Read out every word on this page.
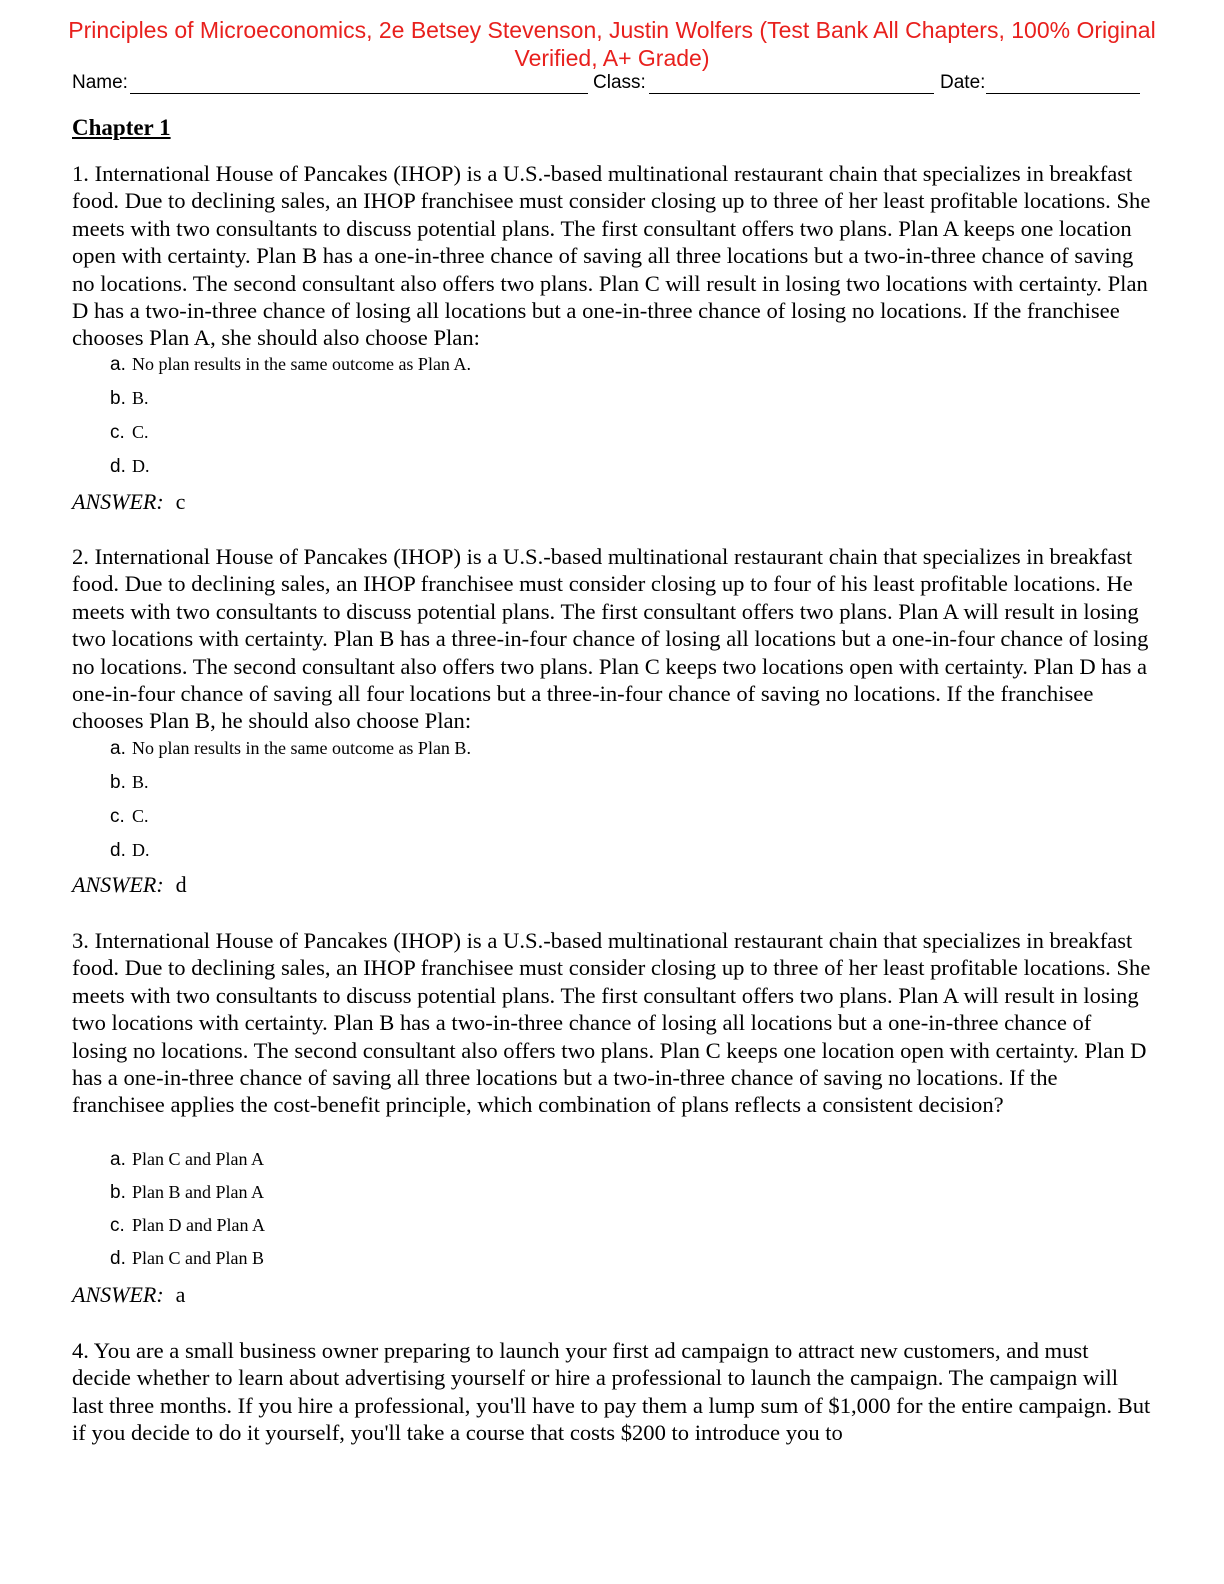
Principles of Microeconomics, 2e Betsey Stevenson, Justin Wolfers (Test Bank All Chapters, 100% Original Verified, A+ Grade)
Name:	Class:	Date:
Chapter 1

1. International House of Pancakes (IHOP) is a U.S.-based multinational restaurant chain that specializes in breakfast food. Due to declining sales, an IHOP franchisee must consider closing up to three of her least profitable locations. She meets with two consultants to discuss potential plans. The first consultant offers two plans. Plan A keeps one location open with certainty. Plan B has a one-in-three chance of saving all three locations but a two-in-three chance of saving no locations. The second consultant also offers two plans. Plan C will result in losing two locations with certainty. Plan D has a two-in-three chance of losing all locations but a one-in-three chance of losing no locations. If the franchisee chooses Plan A, she should also choose Plan:

a. No plan results in the same outcome as Plan A.
b. B.
c. C.
d. D.
ANSWER: c

2. International House of Pancakes (IHOP) is a U.S.-based multinational restaurant chain that specializes in breakfast food. Due to declining sales, an IHOP franchisee must consider closing up to four of his least profitable locations. He meets with two consultants to discuss potential plans. The first consultant offers two plans. Plan A will result in losing two locations with certainty. Plan B has a three-in-four chance of losing all locations but a one-in-four chance of losing no locations. The second consultant also offers two plans. Plan C keeps two locations open with certainty. Plan D has a one-in-four chance of saving all four locations but a three-in-four chance of saving no locations. If the franchisee chooses Plan B, he should also choose Plan:

a. No plan results in the same outcome as Plan B.
b. B.
c. C.
d. D.
ANSWER: d

3. International House of Pancakes (IHOP) is a U.S.-based multinational restaurant chain that specializes in breakfast food. Due to declining sales, an IHOP franchisee must consider closing up to three of her least profitable locations. She meets with two consultants to discuss potential plans. The first consultant offers two plans. Plan A will result in losing two locations with certainty. Plan B has a two-in-three chance of losing all locations but a one-in-three chance of losing no locations. The second consultant also offers two plans. Plan C keeps one location open with certainty. Plan D has a one-in-three chance of saving all three locations but a two-in-three chance of saving no locations. If the franchisee applies the cost-benefit principle, which combination of plans reflects a consistent decision?

a. Plan C and Plan A
b. Plan B and Plan A
c. Plan D and Plan A
d. Plan C and Plan B
ANSWER: a

4. You are a small business owner preparing to launch your first ad campaign to attract new customers, and must decide whether to learn about advertising yourself or hire a professional to launch the campaign. The campaign will last three months. If you hire a professional, you'll have to pay them a lump sum of $1,000 for the entire campaign. But if you decide to do it yourself, you'll take a course that costs $200 to introduce you to
